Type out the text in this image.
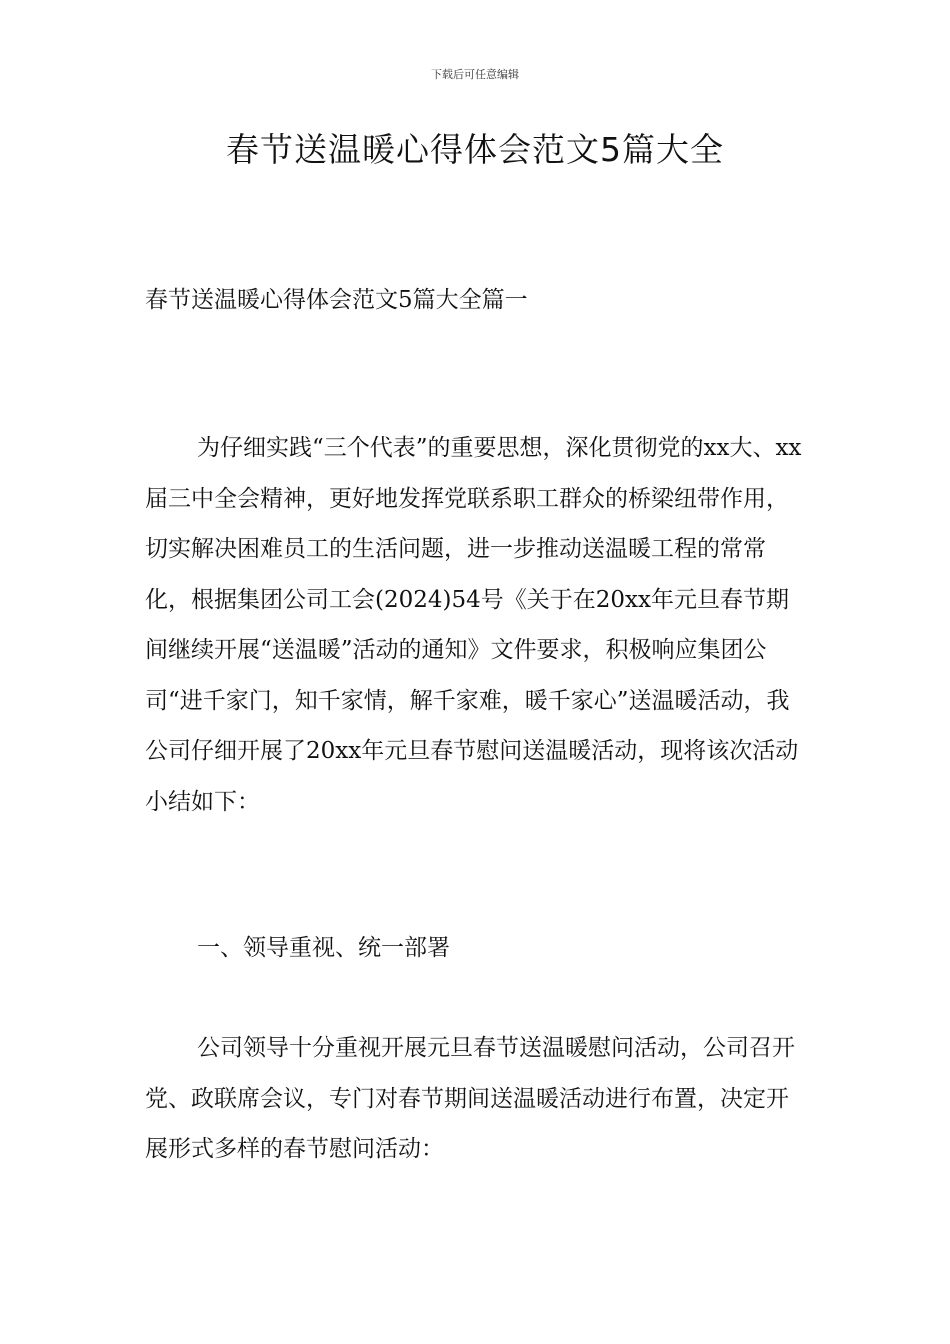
下载后可任意编辑
春节送温暖心得体会范文5篇大全
春节送温暖心得体会范文5篇大全篇一

为仔细实践“三个代表”的重要思想，深化贯彻党的xx大、xx届三中全会精神，更好地发挥党联系职工群众的桥梁纽带作用，切实解决困难员工的生活问题，进一步推动送温暖工程的常常化，根据集团公司工会(2024)54号《关于在20xx年元旦春节期间继续开展“送温暖”活动的通知》文件要求，积极响应集团公司“进千家门，知千家情，解千家难，暖千家心”送温暖活动，我公司仔细开展了20xx年元旦春节慰问送温暖活动，现将该次活动小结如下：

一、领导重视、统一部署

公司领导十分重视开展元旦春节送温暖慰问活动，公司召开党、政联席会议，专门对春节期间送温暖活动进行布置，决定开展形式多样的春节慰问活动：
